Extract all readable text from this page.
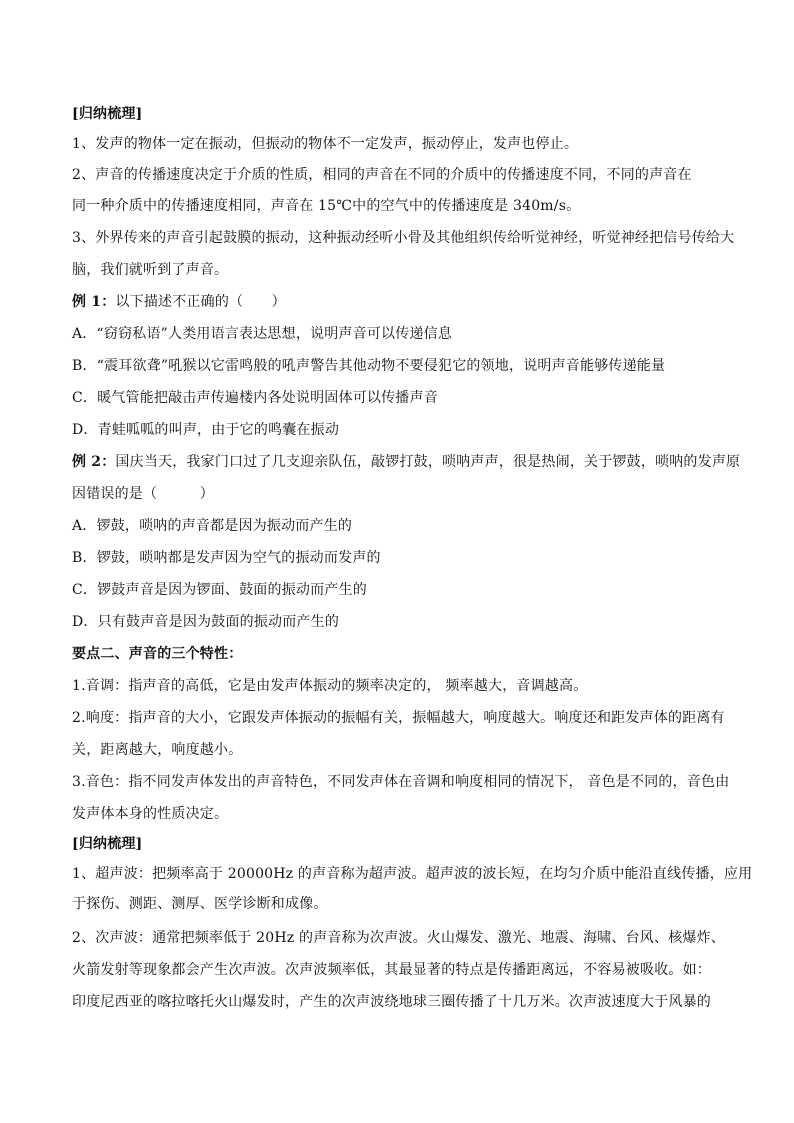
[归纳梳理]
1、发声的物体一定在振动，但振动的物体不一定发声，振动停止，发声也停止。
2、声音的传播速度决定于介质的性质，相同的声音在不同的介质中的传播速度不同，不同的声音在
同一种介质中的传播速度相同，声音在 15℃中的空气中的传播速度是 340m/s。
3、外界传来的声音引起鼓膜的振动，这种振动经听小骨及其他组织传给听觉神经，听觉神经把信号传给大
脑，我们就听到了声音。
例 1：以下描述不正确的（　　）
A．“窃窃私语”人类用语言表达思想，说明声音可以传递信息
B．“震耳欲聋”吼猴以它雷鸣般的吼声警告其他动物不要侵犯它的领地，说明声音能够传递能量
C．暖气管能把敲击声传遍楼内各处说明固体可以传播声音
D．青蛙呱呱的叫声，由于它的鸣囊在振动
例 2：国庆当天，我家门口过了几支迎亲队伍，敲锣打鼓，唢呐声声，很是热闹，关于锣鼓，唢呐的发声原
因错误的是（　　　）
A．锣鼓，唢呐的声音都是因为振动而产生的
B．锣鼓，唢呐都是发声因为空气的振动而发声的
C．锣鼓声音是因为锣面、鼓面的振动而产生的
D．只有鼓声音是因为鼓面的振动而产生的
要点二、声音的三个特性：
1.音调：指声音的高低，它是由发声体振动的频率决定的， 频率越大，音调越高。
2.响度：指声音的大小，它跟发声体振动的振幅有关，振幅越大，响度越大。响度还和距发声体的距离有
关，距离越大，响度越小。
3.音色：指不同发声体发出的声音特色，不同发声体在音调和响度相同的情况下， 音色是不同的，音色由
发声体本身的性质决定。
[归纳梳理]
1、超声波：把频率高于 20000Hz 的声音称为超声波。超声波的波长短，在均匀介质中能沿直线传播，应用
于探伤、测距、测厚、医学诊断和成像。
2、次声波：通常把频率低于 20Hz 的声音称为次声波。火山爆发、激光、地震、海啸、台风、核爆炸、
火箭发射等现象都会产生次声波。次声波频率低，其最显著的特点是传播距离远，不容易被吸收。如：
印度尼西亚的喀拉喀托火山爆发时，产生的次声波绕地球三圈传播了十几万米。次声波速度大于风暴的
